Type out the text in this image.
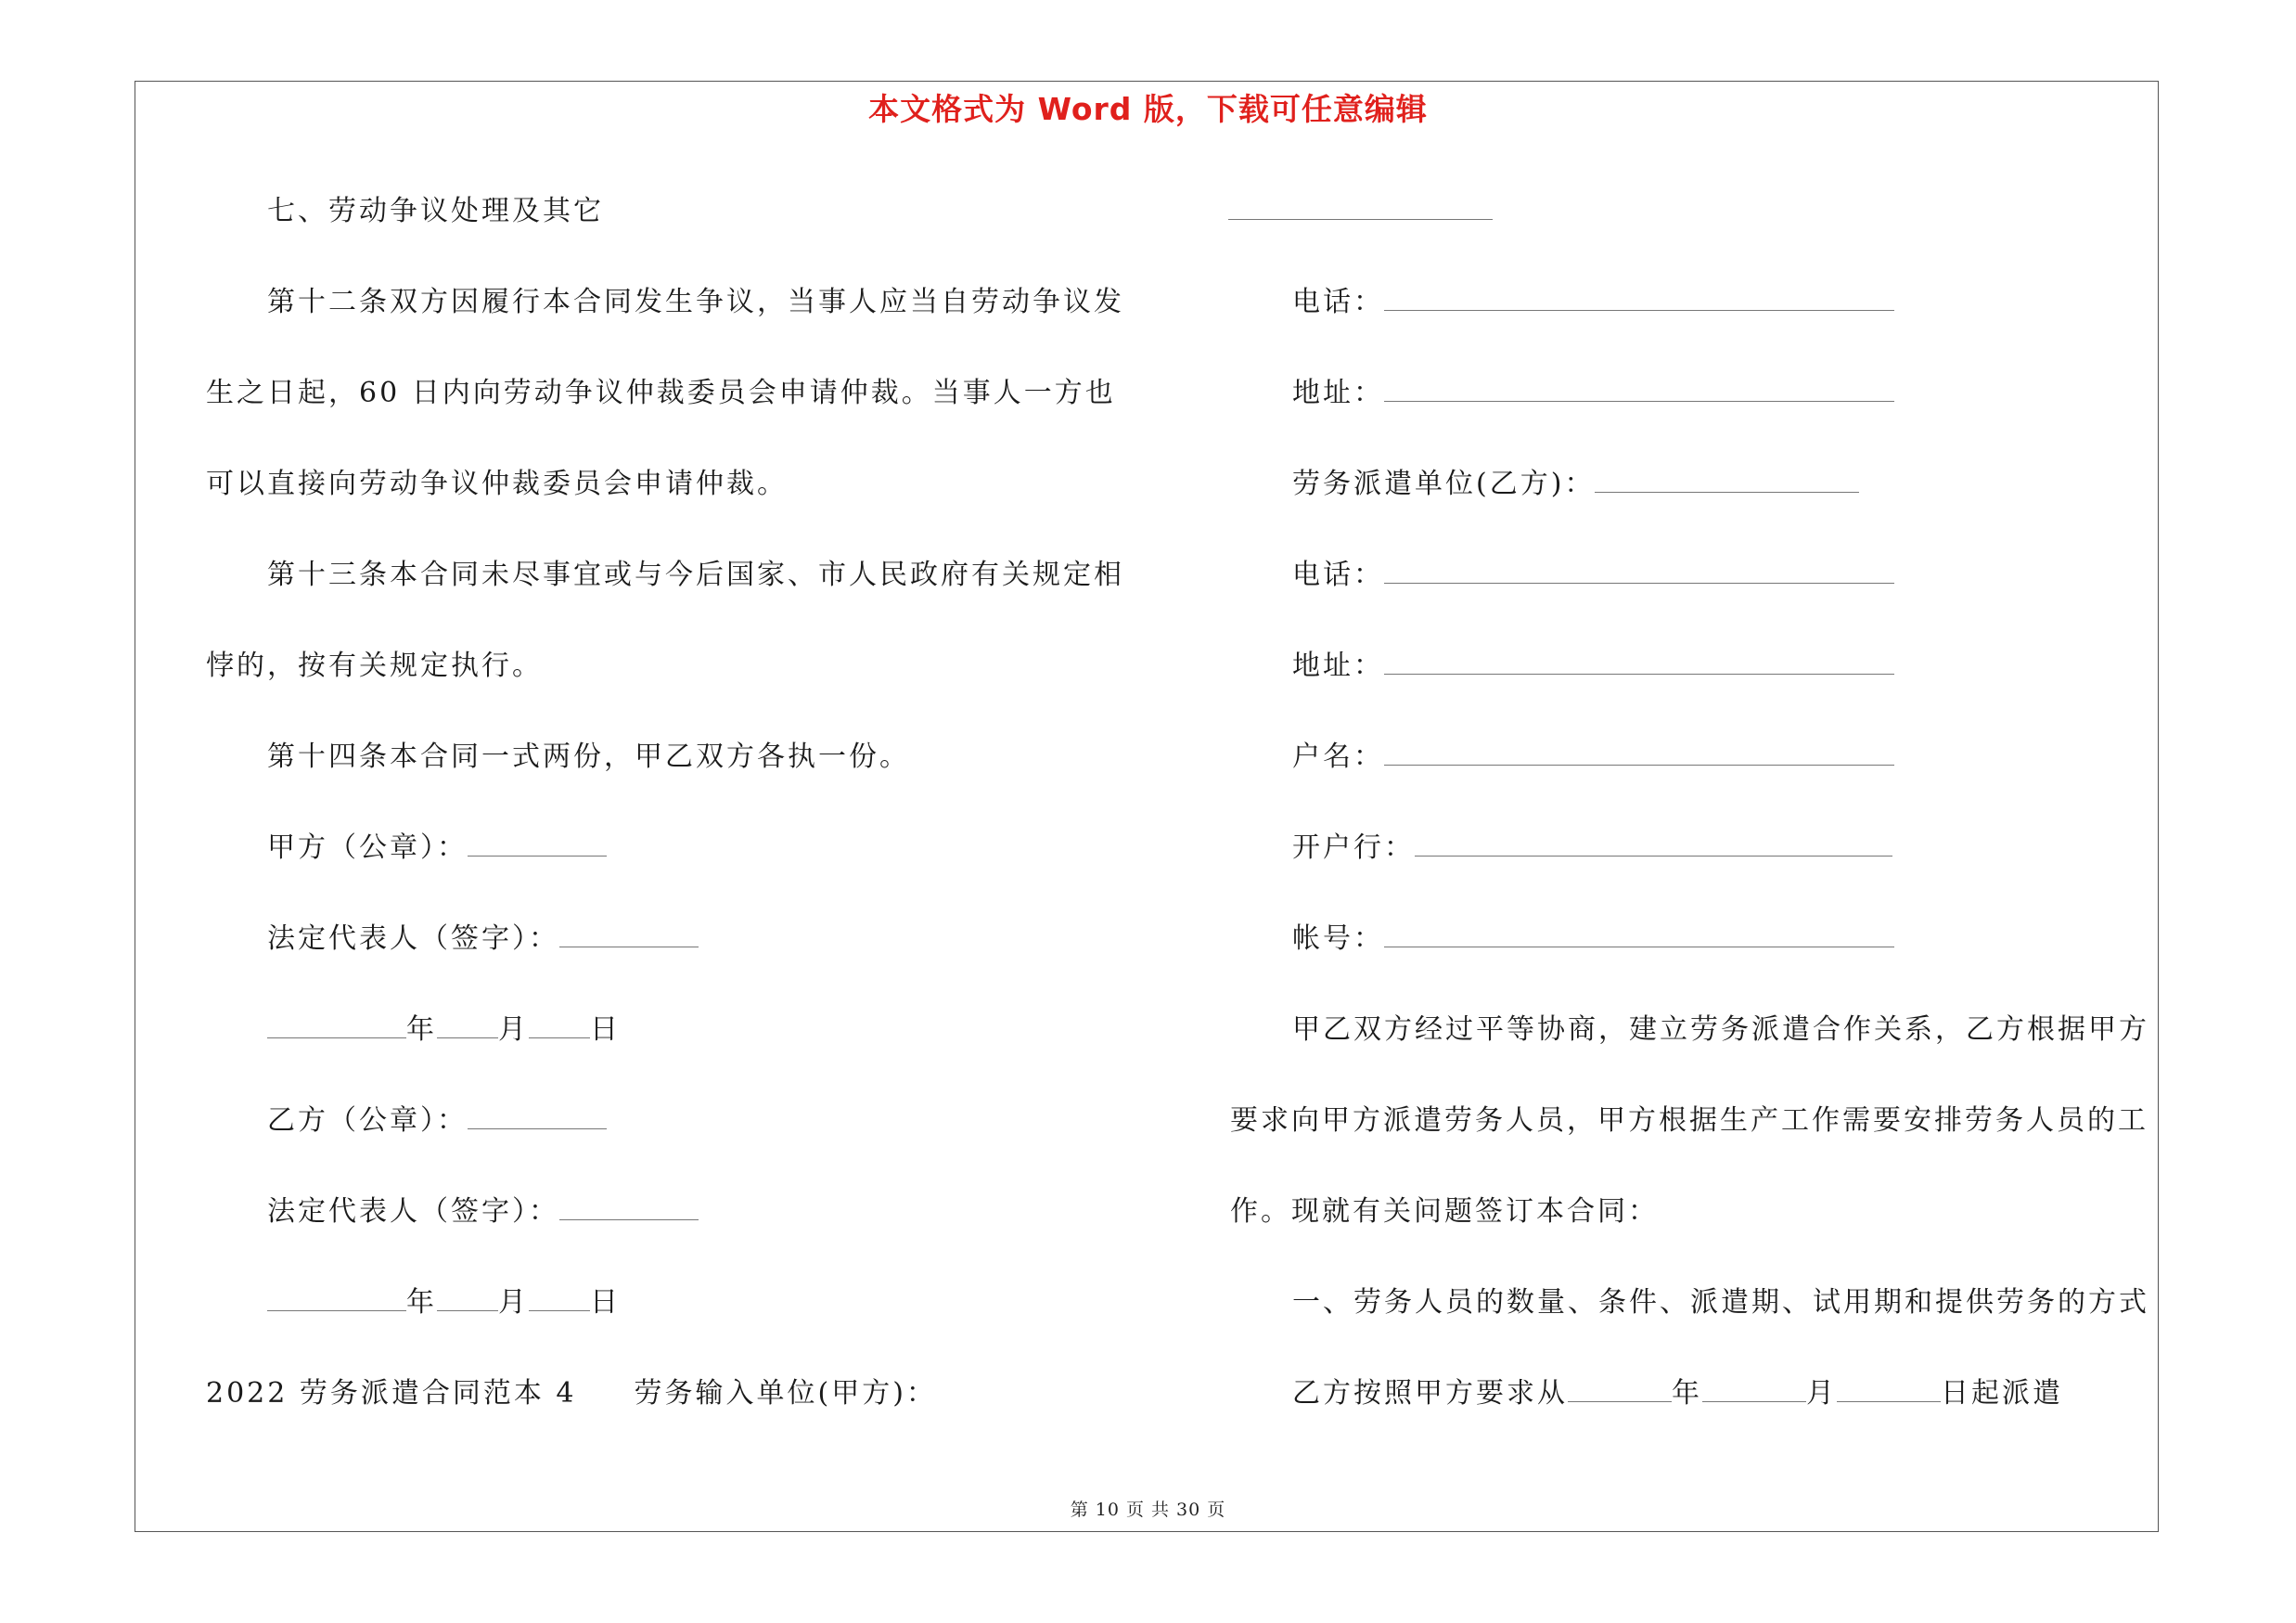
本文格式为 Word 版，下载可任意编辑
七、劳动争议处理及其它
第十二条双方因履行本合同发生争议，当事人应当自劳动争议发
生之日起，60 日内向劳动争议仲裁委员会申请仲裁。当事人一方也
可以直接向劳动争议仲裁委员会申请仲裁。
第十三条本合同未尽事宜或与今后国家、市人民政府有关规定相
悖的，按有关规定执行。
第十四条本合同一式两份，甲乙双方各执一份。
甲方（公章）：
法定代表人（签字）：
年 月 日
乙方（公章）：
法定代表人（签字）：
年 月 日
2022 劳务派遣合同范本 4 劳务输入单位(甲方)：
电话：
地址：
劳务派遣单位(乙方)：
电话：
地址：
户名：
开户行：
帐号：
甲乙双方经过平等协商，建立劳务派遣合作关系，乙方根据甲方
要求向甲方派遣劳务人员，甲方根据生产工作需要安排劳务人员的工
作。现就有关问题签订本合同：
一、劳务人员的数量、条件、派遣期、试用期和提供劳务的方式
乙方按照甲方要求从	年	月	日起派遣
第 10 页 共 30 页
